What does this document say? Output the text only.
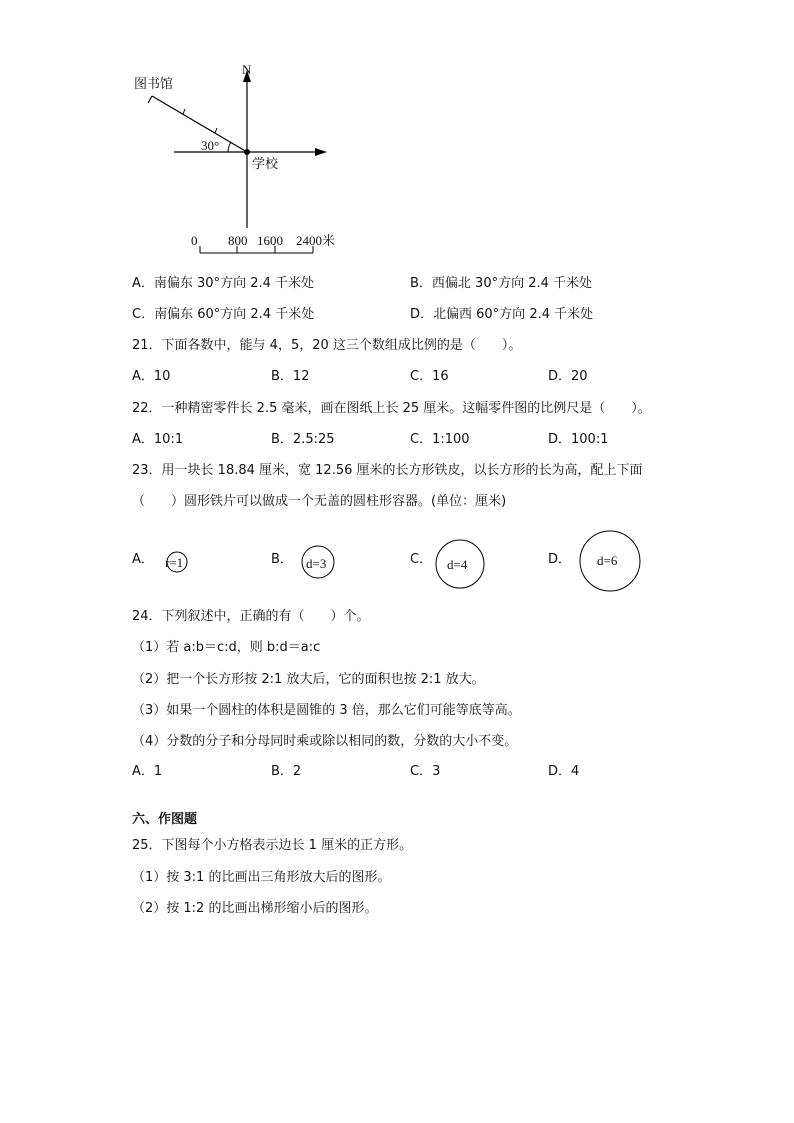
N
图书馆
30°
学校
0 800 1600 2400米
A．南偏东 30°方向 2.4 千米处	B．西偏北 30°方向 2.4 千米处
C．南偏东 60°方向 2.4 千米处	D．北偏西 60°方向 2.4 千米处
21．下面各数中，能与 4，5，20 这三个数组成比例的是（　　）。
A．10	B．12	C．16	D．20
22．一种精密零件长 2.5 毫米，画在图纸上长 25 厘米。这幅零件图的比例尺是（　　）。
A．10:1	B．2.5:25	C．1:100	D．100:1
23．用一块长 18.84 厘米，宽 12.56 厘米的长方形铁皮，以长方形的长为高，配上下面
（　　）圆形铁片可以做成一个无盖的圆柱形容器。(单位：厘米)
A．	B．	C．	D．
r=1	d=3	d=4	d=6
24．下列叙述中，正确的有（　　）个。
（1）若 a:b＝c:d，则 b:d＝a:c
（2）把一个长方形按 2:1 放大后，它的面积也按 2:1 放大。
（3）如果一个圆柱的体积是圆锥的 3 倍，那么它们可能等底等高。
（4）分数的分子和分母同时乘或除以相同的数，分数的大小不变。
A．1	B．2	C．3	D．4
六、作图题
25．下图每个小方格表示边长 1 厘米的正方形。
（1）按 3:1 的比画出三角形放大后的图形。
（2）按 1:2 的比画出梯形缩小后的图形。
